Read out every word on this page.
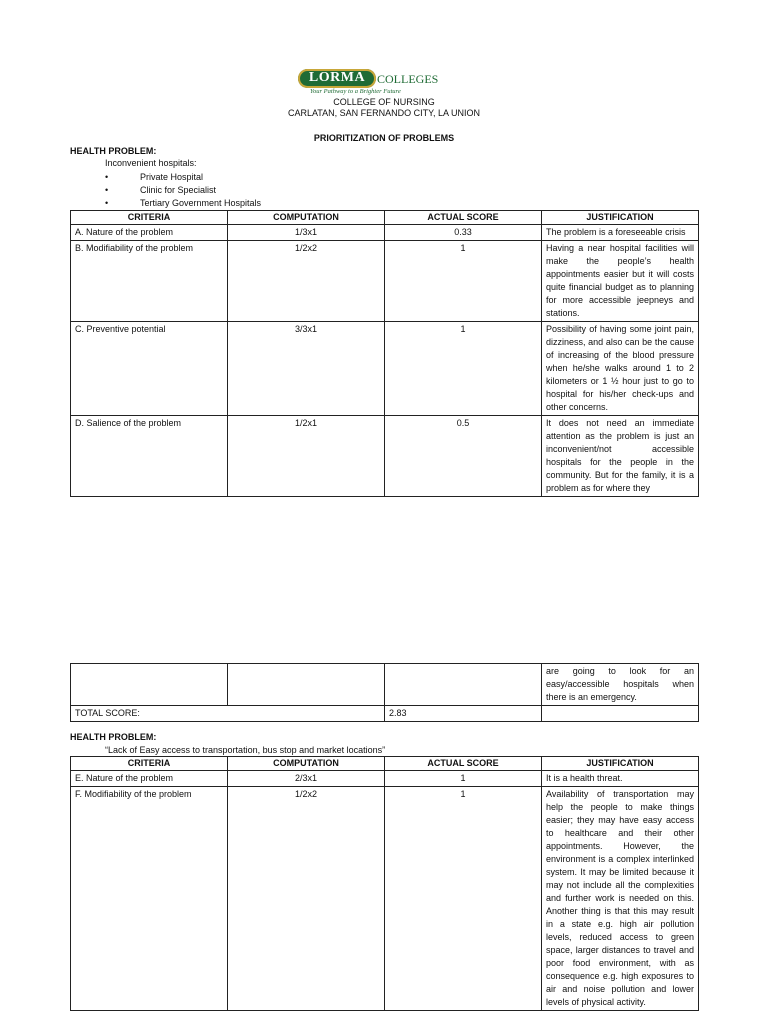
LORMA COLLEGES
Your Pathway to a Brighter Future
COLLEGE OF NURSING
CARLATAN, SAN FERNANDO CITY, LA UNION
PRIORITIZATION OF PROBLEMS
HEALTH PROBLEM:
Inconvenient hospitals:
• Private Hospital
• Clinic for Specialist
• Tertiary Government Hospitals
CRITERIA	COMPUTATION	ACTUAL SCORE	JUSTIFICATION
A. Nature of the problem	1/3x1	0.33	The problem is a foreseeable crisis
B. Modifiability of the problem	1/2x2	1	Having a near hospital facilities will make the people’s health appointments easier but it will costs quite financial budget as to planning for more accessible jeepneys and stations.
C. Preventive potential	3/3x1	1	Possibility of having some joint pain, dizziness, and also can be the cause of increasing of the blood pressure when he/she walks around 1 to 2 kilometers or 1 ½ hour just to go to hospital for his/her check-ups and other concerns.
D. Salience of the problem	1/2x1	0.5	It does not need an immediate attention as the problem is just an inconvenient/not accessible hospitals for the people in the community. But for the family, it is a problem as for where they
			are going to look for an easy/accessible hospitals when there is an emergency.
TOTAL SCORE:		2.83	
HEALTH PROBLEM:
“Lack of Easy access to transportation, bus stop and market locations”
CRITERIA	COMPUTATION	ACTUAL SCORE	JUSTIFICATION
E. Nature of the problem	2/3x1	1	It is a health threat.
F. Modifiability of the problem	1/2x2	1	Availability of transportation may help the people to make things easier; they may have easy access to healthcare and their other appointments. However, the environment is a complex interlinked system. It may be limited because it may not include all the complexities and further work is needed on this. Another thing is that this may result in a state e.g. high air pollution levels, reduced access to green space, larger distances to travel and poor food environment, with as consequence e.g. high exposures to air and noise pollution and lower levels of physical activity.
